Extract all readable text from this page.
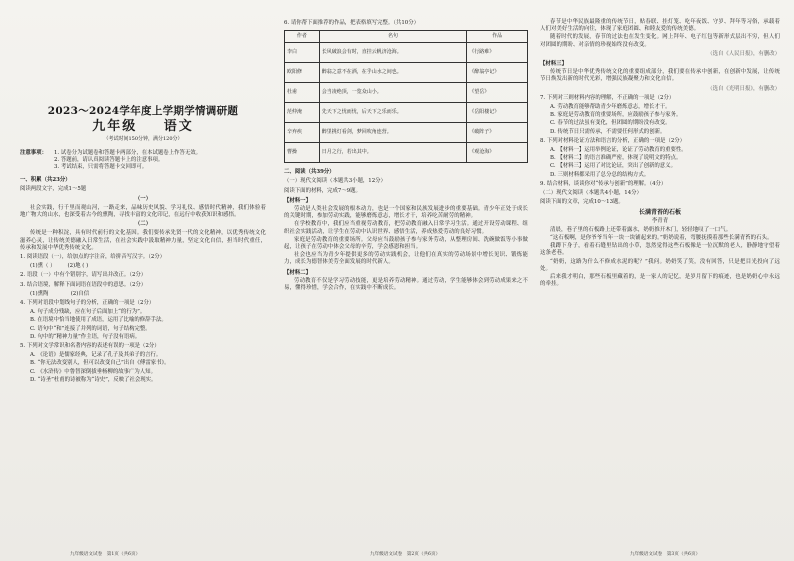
2023～2024学年度上学期学情调研题
九年级 语文
（考试时间150分钟，满分120分）
注意事项：	1. 试卷分为试题卷和答题卡两部分，在本试题卷上作答无效。
2. 答题前，请认真阅读答题卡上的注意事项。
3. 考试结束，只需将答题卡交回即可。
一、积累（共23分）
阅读两段文字，完成1～5题
（一）
社会实践，行千里而观山河，一路走来，品味历史风貌、学习礼仪、感悟时代精神，我们体验着地广物大的山水，也深受着古今的熏陶，寻找丰富的文化印记，在远行中收获知识和感悟。
（二）
传统是一种积淀，具有时代前行的文化基因。我们要传承先贤一代的文化精神，以优秀传统文化滋养心灵，让传统美德融入日常生活，在社会实践中汲取精神力量，坚定文化自信，担当时代重任，传承和发展中华优秀传统文化。
1. 阅读语段（一），给加点的字注音，给拼音写汉字。（2分）
(1)熏（ ） (2)地 ( )
2. 语段（一）中有个错别字，请写出并改正。（2分）
3. 结合语境，解释下面词语在语段中的意思。（2分）
(1)熏陶	(2)自信
4. 下列对语段中划线句子的分析，正确的一项是（2分）
A. 句子成分残缺，应在句子后面加上“的行为”。
B. 在语境中恰当地使用了成语，运用了比喻的修辞手法。
C. 语句中“和”连接了并列的词语，句子结构完整。
D. 句中的“精神力量”作主语，句子没有语病。
5. 下列对文学常识和名著内容的表述有误的一项是（2分）
A. 《论语》是儒家经典，记录了孔子及其弟子的言行。
B. “你无法改变别人，但可以改变自己”出自《傅雷家书》。
C. 《水浒传》中鲁智深倒拔垂杨柳的故事广为人知。
D. “诗圣”杜甫的诗被称为“诗史”，反映了社会现实。
6. 请你帮下面推荐的作品，把表格填写完整。（共10分）
作者	名句	作品
李白	长风破浪会有时，直挂云帆济沧海。	《行路难》
欧阳修	醉翁之意不在酒，在乎山水之间也。	《醉翁亭记》
杜甫	会当凌绝顶，一览众山小。	《望岳》
范仲淹	先天下之忧而忧，后天下之乐而乐。	《岳阳楼记》
辛弃疾	醉里挑灯看剑，梦回吹角连营。	《破阵子》
曹操	日月之行，若出其中。	《观沧海》
二、阅读（共39分）
（一）现代文阅读（本题共3小题，12分）
阅读下面的材料，完成7～9题。
【材料一】
劳动是人类社会发展的根本动力，也是一个国家和民族发展进步的重要基础。青少年正处于成长的关键时期，参加劳动实践，能够磨炼意志，增长才干，培养吃苦耐劳的精神。
在学校教育中，我们应当重视劳动教育，把劳动教育融入日常学习生活。通过开设劳动课程、组织社会实践活动，让学生在劳动中认识世界、感悟生活，养成热爱劳动的良好习惯。
家庭是劳动教育的重要场所。父母应当鼓励孩子参与家务劳动，从整理房间、洗碗做饭等小事做起，让孩子在劳动中体会父母的辛劳，学会感恩和担当。
社会也应当为青少年提供更多的劳动实践机会，让他们在真实的劳动场景中增长见识、锻炼能力，成长为德智体美劳全面发展的时代新人。
【材料二】
劳动教育不仅是学习劳动技能，更是培养劳动精神。通过劳动，学生能够体会到劳动成果来之不易，懂得珍惜，学会合作，在实践中不断成长。
春节是中华民族最隆重的传统节日，贴春联、挂灯笼、吃年夜饭、守岁、拜年等习俗，承载着人们对美好生活的向往，体现了家庭团圆、和睦友爱的传统美德。
随着时代的发展，春节的过法也在发生变化。网上拜年、电子红包等新形式层出不穷，但人们对团圆的期盼、对亲情的珍视始终没有改变。
（选自《人民日报》，有删改）
【材料三】
传统节日是中华优秀传统文化的重要组成部分，我们要在传承中创新，在创新中发展，让传统节日焕发出新的时代光彩，增强民族凝聚力和文化自信。
（选自《光明日报》，有删改）
7. 下列对三则材料内容的理解，不正确的一项是（2分）
A. 劳动教育能够帮助青少年磨炼意志，增长才干。
B. 家庭是劳动教育的重要场所，应鼓励孩子参与家务。
C. 春节的过法虽有变化，但团圆的期盼没有改变。
D. 传统节日只需传承，不需要任何形式的创新。
8. 下列对材料论证方法和语言的分析，正确的一项是（2分）
A. 【材料一】运用举例论证，论证了劳动教育的重要性。
B. 【材料二】的语言准确严密，体现了说明文的特点。
C. 【材料三】运用了对比论证，突出了创新的意义。
D. 三则材料都采用了总分总的结构方式。
9. 结合材料，谈谈你对“传承与创新”的理解。（4分）
（二）现代文阅读（本题共4小题，14分）
阅读下面的文章，完成10～13题。
长满青苔的石板
李青青
清晨，巷子里的石板路上还带着露水，奶奶推开木门，轻轻地叹了一口气。
“这石板啊，是你爷爷当年一块一块铺起来的。”奶奶说着，弯腰抚摸着那些长满青苔的石头。
我蹲下身子，看着石缝里钻出的小草，忽然觉得这些石板像是一位沉默的老人，静静地守望着这条老巷。
“奶奶，这路为什么不修成水泥的呢？”我问。奶奶笑了笑，没有回答，只是把目光投向了远处。
后来我才明白，那些石板里藏着的，是一家人的记忆，是岁月留下的痕迹，也是奶奶心中永远的牵挂。
九年级语文试卷　第1页（共6页）	九年级语文试卷　第2页（共6页）	九年级语文试卷　第3页（共6页）
